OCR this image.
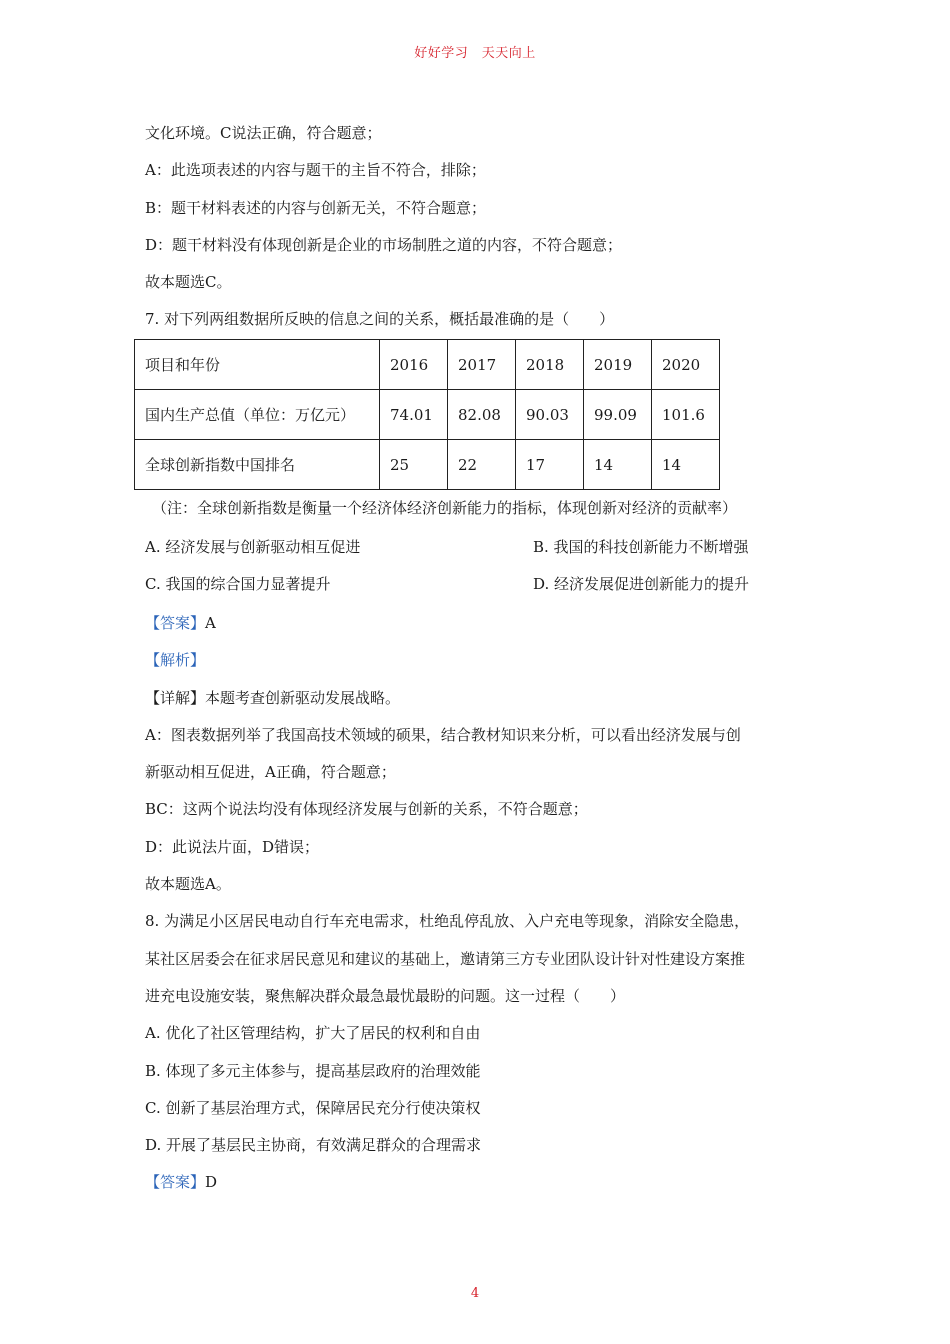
好好学习　天天向上
文化环境。C说法正确，符合题意；
A：此选项表述的内容与题干的主旨不符合，排除；
B：题干材料表述的内容与创新无关，不符合题意；
D：题干材料没有体现创新是企业的市场制胜之道的内容，不符合题意；
故本题选C。
7. 对下列两组数据所反映的信息之间的关系，概括最准确的是（　　）
项目和年份	2016	2017	2018	2019	2020
国内生产总值（单位：万亿元）	74.01	82.08	90.03	99.09	101.6
全球创新指数中国排名	25	22	17	14	14
（注：全球创新指数是衡量一个经济体经济创新能力的指标，体现创新对经济的贡献率）
A. 经济发展与创新驱动相互促进	B. 我国的科技创新能力不断增强
C. 我国的综合国力显著提升	D. 经济发展促进创新能力的提升
【答案】A
【解析】
【详解】本题考查创新驱动发展战略。
A：图表数据列举了我国高技术领域的硕果，结合教材知识来分析，可以看出经济发展与创
新驱动相互促进，A正确，符合题意；
BC：这两个说法均没有体现经济发展与创新的关系，不符合题意；
D：此说法片面，D错误；
故本题选A。
8. 为满足小区居民电动自行车充电需求，杜绝乱停乱放、入户充电等现象，消除安全隐患，
某社区居委会在征求居民意见和建议的基础上，邀请第三方专业团队设计针对性建设方案推
进充电设施安装，聚焦解决群众最急最忧最盼的问题。这一过程（　　）
A. 优化了社区管理结构，扩大了居民的权利和自由
B. 体现了多元主体参与，提高基层政府的治理效能
C. 创新了基层治理方式，保障居民充分行使决策权
D. 开展了基层民主协商，有效满足群众的合理需求
【答案】D
4
